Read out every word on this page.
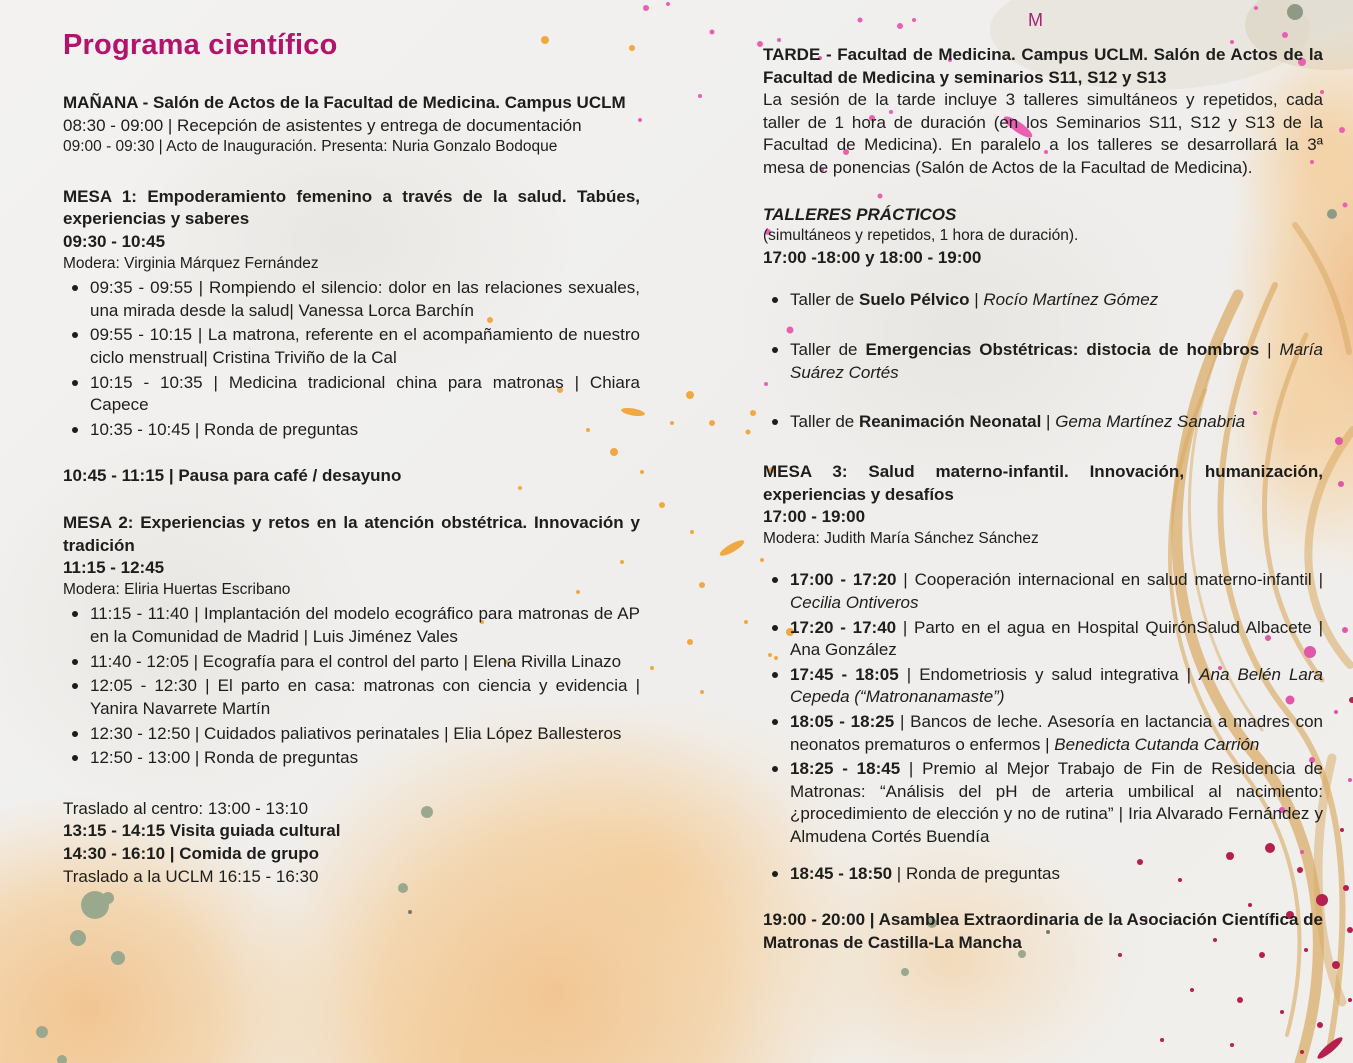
M
Programa científico

MAÑANA - Salón de Actos de la Facultad de Medicina. Campus UCLM

08:30 - 09:00 | Recepción de asistentes y entrega de documentación

09:00 - 09:30 | Acto de Inauguración. Presenta: Nuria Gonzalo Bodoque

MESA 1: Empoderamiento femenino a través de la salud. Tabúes, experiencias y saberes

09:30 - 10:45

Modera: Virginia Márquez Fernández

09:35 - 09:55 | Rompiendo el silencio: dolor en las relaciones sexuales, una mirada desde la salud| Vanessa Lorca Barchín
09:55 - 10:15 | La matrona, referente en el acompañamiento de nuestro ciclo menstrual| Cristina Triviño de la Cal
10:15 - 10:35 | Medicina tradicional china para matronas | Chiara Capece
10:35 - 10:45 | Ronda de preguntas

10:45 - 11:15 | Pausa para café / desayuno

MESA 2: Experiencias y retos en la atención obstétrica. Innovación y tradición

11:15 - 12:45

Modera: Eliria Huertas Escribano

11:15 - 11:40 | Implantación del modelo ecográfico para matronas de AP en la Comunidad de Madrid | Luis Jiménez Vales
11:40 - 12:05 | Ecografía para el control del parto | Elena Rivilla Linazo
12:05 - 12:30 | El parto en casa: matronas con ciencia y evidencia | Yanira Navarrete Martín
12:30 - 12:50 | Cuidados paliativos perinatales | Elia López Ballesteros
12:50 - 13:00 | Ronda de preguntas

Traslado al centro: 13:00 - 13:10

13:15 - 14:15 Visita guiada cultural

14:30 - 16:10 | Comida de grupo

Traslado a la UCLM 16:15 - 16:30

TARDE - Facultad de Medicina. Campus UCLM. Salón de Actos de la Facultad de Medicina y seminarios S11, S12 y S13

La sesión de la tarde incluye 3 talleres simultáneos y repetidos, cada taller de 1 hora de duración (en los Seminarios S11, S12 y S13 de la Facultad de Medicina). En paralelo a los talleres se desarrollará la 3ª mesa de ponencias (Salón de Actos de la Facultad de Medicina).

TALLERES PRÁCTICOS

(simultáneos y repetidos, 1 hora de duración).

17:00 -18:00 y 18:00 - 19:00

Taller de Suelo Pélvico | Rocío Martínez Gómez
Taller de Emergencias Obstétricas: distocia de hombros | María Suárez Cortés
Taller de Reanimación Neonatal | Gema Martínez Sanabria

MESA 3: Salud materno-infantil. Innovación, humanización, experiencias y desafíos

17:00 - 19:00

Modera: Judith María Sánchez Sánchez

17:00 - 17:20 | Cooperación internacional en salud materno-infantil | Cecilia Ontiveros
17:20 - 17:40 | Parto en el agua en Hospital QuirónSalud Albacete | Ana González
17:45 - 18:05 | Endometriosis y salud integrativa | Ana Belén Lara Cepeda (“Matronanamaste”)
18:05 - 18:25 | Bancos de leche. Asesoría en lactancia a madres con neonatos prematuros o enfermos | Benedicta Cutanda Carrión
18:25 - 18:45 | Premio al Mejor Trabajo de Fin de Residencia de Matronas: “Análisis del pH de arteria umbilical al nacimiento: ¿procedimiento de elección y no de rutina” | Iria Alvarado Fernández y Almudena Cortés Buendía
18:45 - 18:50 | Ronda de preguntas

19:00 - 20:00 | Asamblea Extraordinaria de la Asociación Científica de Matronas de Castilla-La Mancha
